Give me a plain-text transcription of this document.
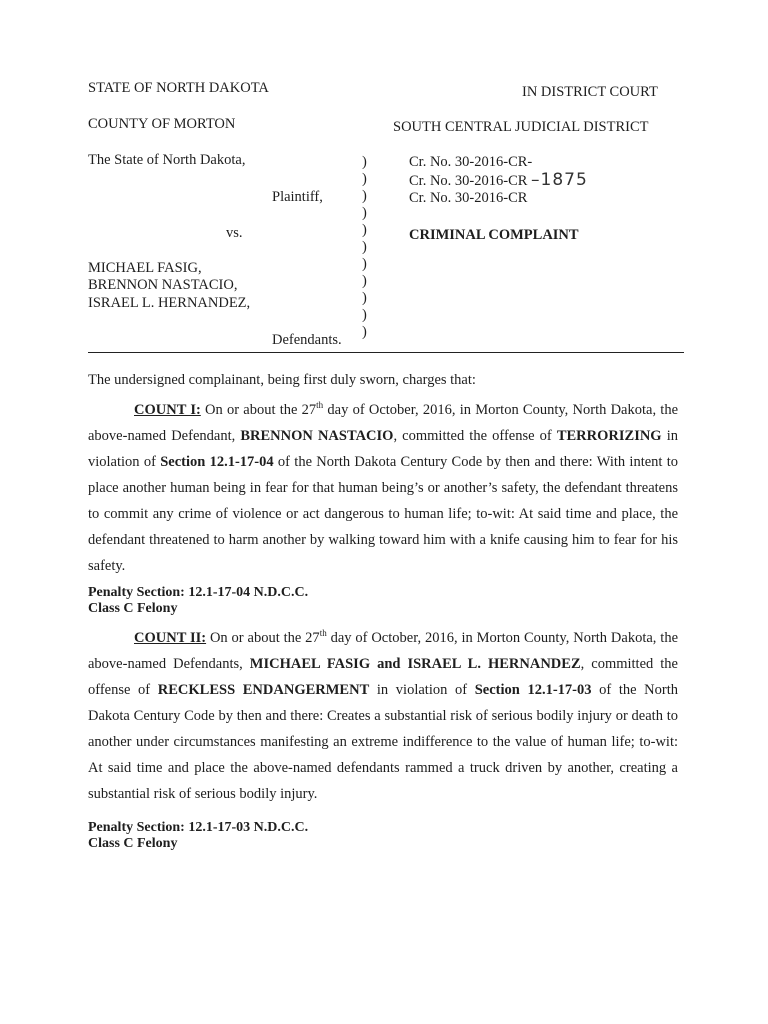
STATE OF NORTH DAKOTA	IN DISTRICT COURT
COUNTY OF MORTON	SOUTH CENTRAL JUDICIAL DISTRICT
The State of North Dakota,
Plaintiff,
vs.
MICHAEL FASIG,
BRENNON NASTACIO,
ISRAEL L. HERNANDEZ,
Defendants.
)
)
)
)
)
)
)
)
)
)
)
Cr. No. 30-2016-CR-
Cr. No. 30-2016-CR –1875
Cr. No. 30-2016-CR
CRIMINAL COMPLAINT
The undersigned complainant, being first duly sworn, charges that:

COUNT I: On or about the 27th day of October, 2016, in Morton County, North Dakota, the above-named Defendant, BRENNON NASTACIO, committed the offense of TERRORIZING in violation of Section 12.1-17-04 of the North Dakota Century Code by then and there: With intent to place another human being in fear for that human being’s or another’s safety, the defendant threatens to commit any crime of violence or act dangerous to human life; to-wit: At said time and place, the defendant threatened to harm another by walking toward him with a knife causing him to fear for his safety.

Penalty Section: 12.1-17-04 N.D.C.C.
Class C Felony

COUNT II: On or about the 27th day of October, 2016, in Morton County, North Dakota, the above-named Defendants, MICHAEL FASIG and ISRAEL L. HERNANDEZ, committed the offense of RECKLESS ENDANGERMENT in violation of Section 12.1-17-03 of the North Dakota Century Code by then and there: Creates a substantial risk of serious bodily injury or death to another under circumstances manifesting an extreme indifference to the value of human life; to-wit: At said time and place the above-named defendants rammed a truck driven by another, creating a substantial risk of serious bodily injury.

Penalty Section: 12.1-17-03 N.D.C.C.
Class C Felony
